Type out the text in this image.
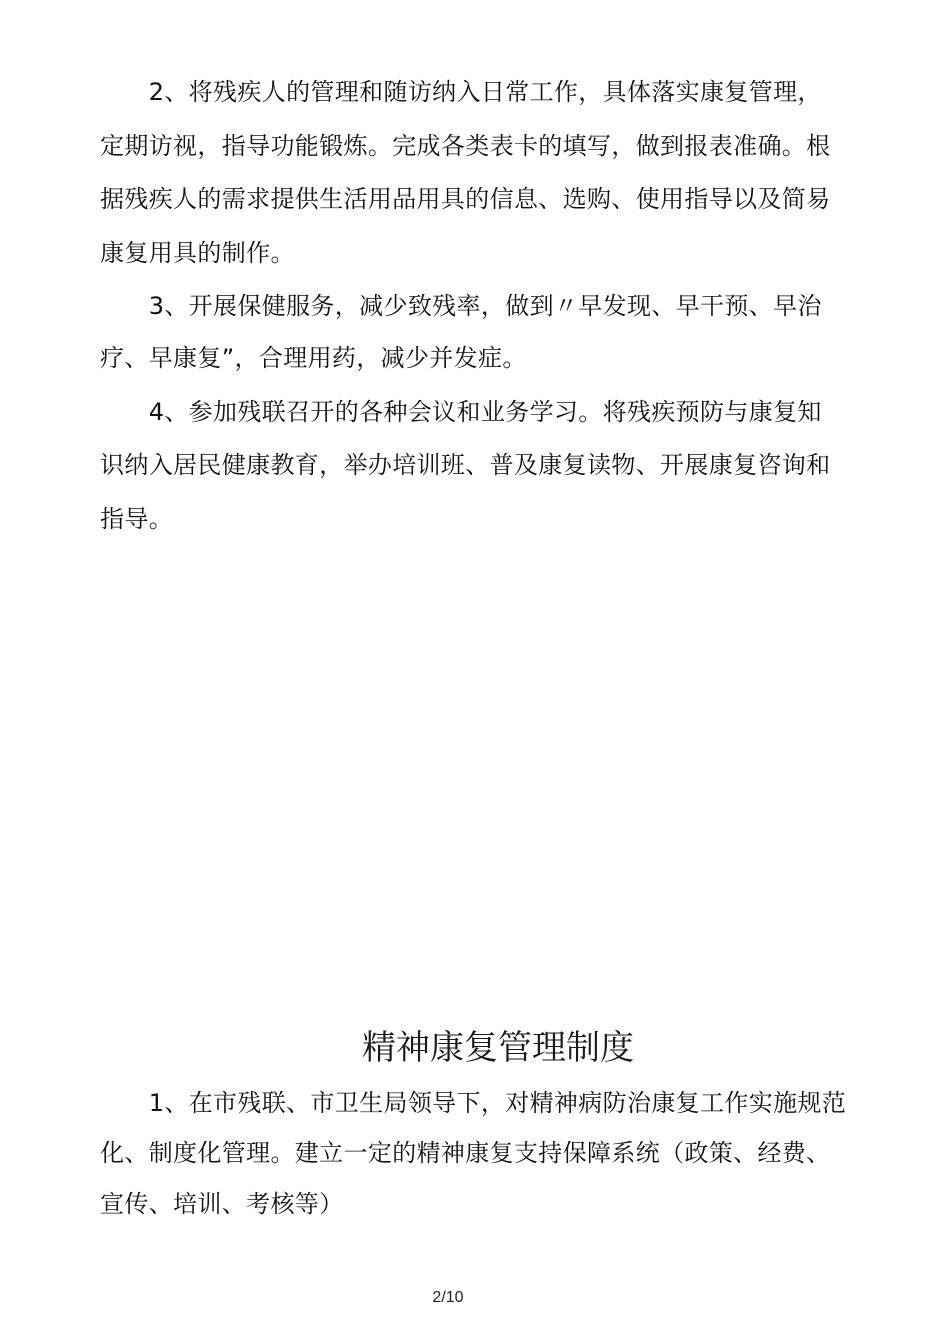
　　2、将残疾人的管理和随访纳入日常工作，具体落实康复管理，
定期访视，指导功能锻炼。完成各类表卡的填写，做到报表准确。根
据残疾人的需求提供生活用品用具的信息、选购、使用指导以及简易
康复用具的制作。
　　3、开展保健服务，减少致残率，做到〃早发现、早干预、早治
疗、早康复”，合理用药，减少并发症。
　　4、参加残联召开的各种会议和业务学习。将残疾预防与康复知
识纳入居民健康教育，举办培训班、普及康复读物、开展康复咨询和
指导。
精神康复管理制度
　　1、在市残联、市卫生局领导下，对精神病防治康复工作实施规范
化、制度化管理。建立一定的精神康复支持保障系统（政策、经费、
宣传、培训、考核等）
2/10
